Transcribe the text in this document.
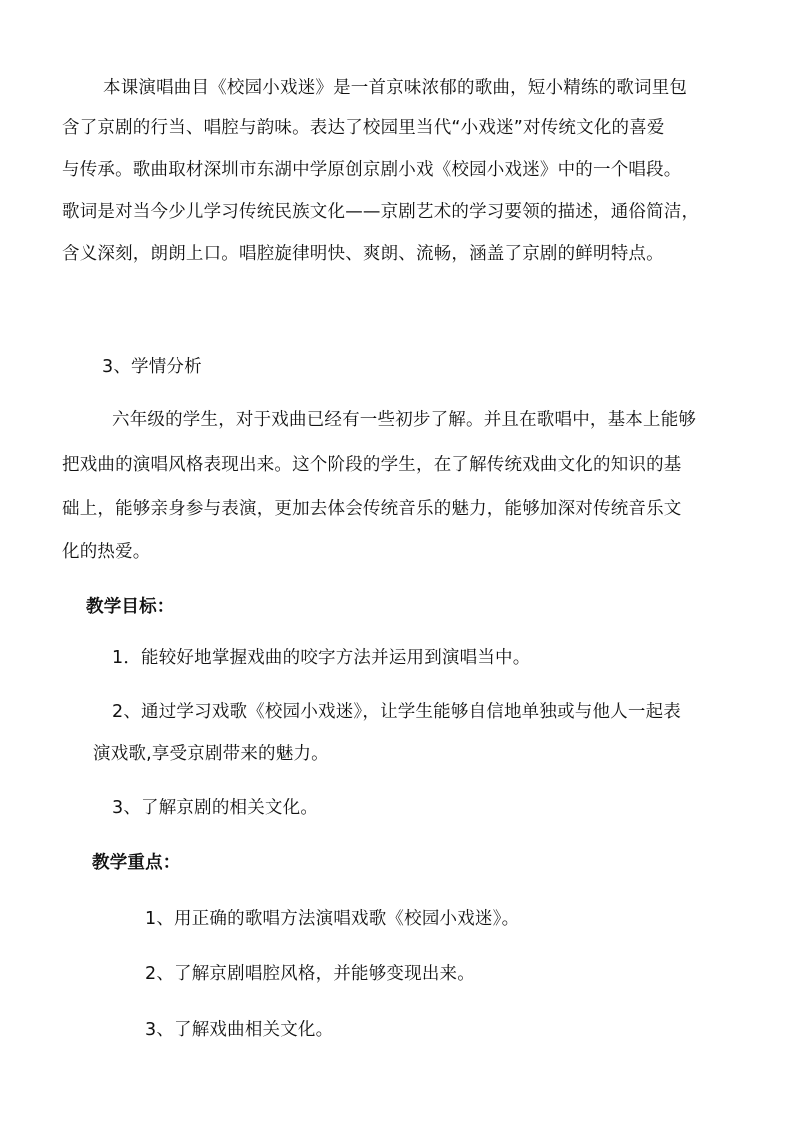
本课演唱曲目《校园小戏迷》是一首京味浓郁的歌曲，短小精练的歌词里包
含了京剧的行当、唱腔与韵味。表达了校园里当代“小戏迷”对传统文化的喜爱
与传承。歌曲取材深圳市东湖中学原创京剧小戏《校园小戏迷》中的一个唱段。
歌词是对当今少儿学习传统民族文化——京剧艺术的学习要领的描述，通俗简洁，
含义深刻，朗朗上口。唱腔旋律明快、爽朗、流畅，涵盖了京剧的鲜明特点。
3、学情分析
六年级的学生，对于戏曲已经有一些初步了解。并且在歌唱中，基本上能够
把戏曲的演唱风格表现出来。这个阶段的学生，在了解传统戏曲文化的知识的基
础上，能够亲身参与表演，更加去体会传统音乐的魅力，能够加深对传统音乐文
化的热爱。
教学目标：
1．能较好地掌握戏曲的咬字方法并运用到演唱当中。
2、通过学习戏歌《校园小戏迷》，让学生能够自信地单独或与他人一起表
演戏歌,享受京剧带来的魅力。
3、了解京剧的相关文化。
教学重点：
1、用正确的歌唱方法演唱戏歌《校园小戏迷》。
2、了解京剧唱腔风格，并能够变现出来。
3、了解戏曲相关文化。
